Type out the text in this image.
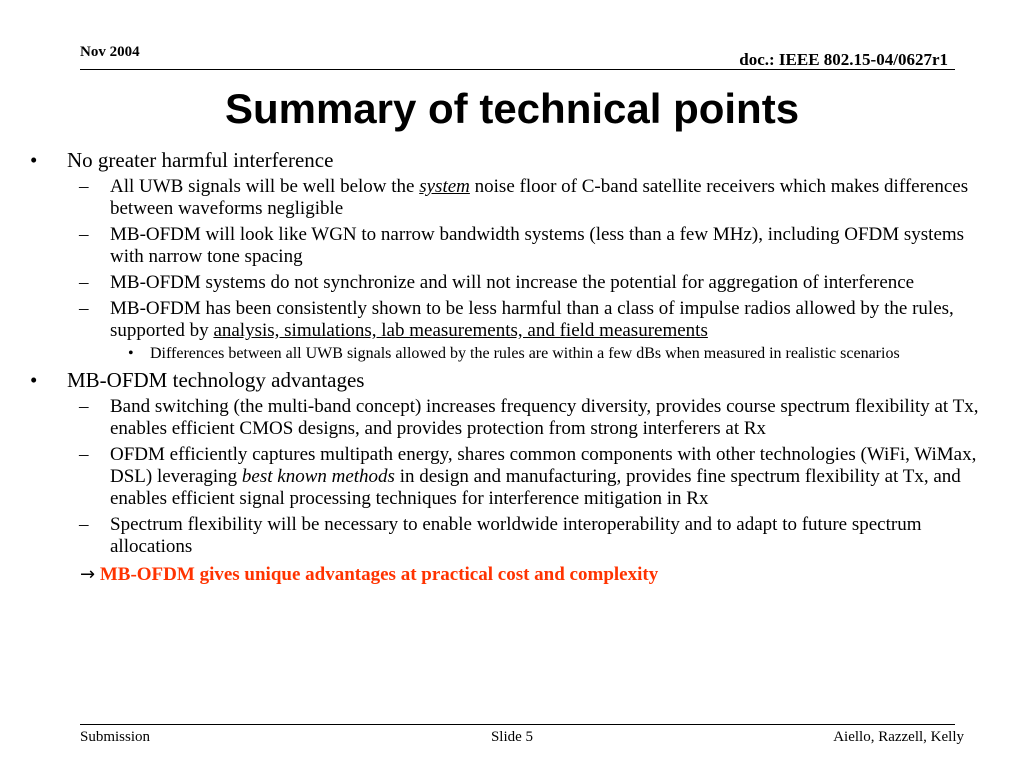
Nov 2004	doc.: IEEE 802.15-04/0627r1
Summary of technical points
• No greater harmful interference
– All UWB signals will be well below the system noise floor of C-band satellite receivers which makes differences between waveforms negligible
– MB-OFDM will look like WGN to narrow bandwidth systems (less than a few MHz), including OFDM systems with narrow tone spacing
– MB-OFDM systems do not synchronize and will not increase the potential for aggregation of interference
– MB-OFDM has been consistently shown to be less harmful than a class of impulse radios allowed by the rules, supported by analysis, simulations, lab measurements, and field measurements
• Differences between all UWB signals allowed by the rules are within a few dBs when measured in realistic scenarios
• MB-OFDM technology advantages
– Band switching (the multi-band concept) increases frequency diversity, provides course spectrum flexibility at Tx, enables efficient CMOS designs, and provides protection from strong interferers at Rx
– OFDM efficiently captures multipath energy, shares common components with other technologies (WiFi, WiMax, DSL) leveraging best known methods in design and manufacturing, provides fine spectrum flexibility at Tx, and enables efficient signal processing techniques for interference mitigation in Rx
– Spectrum flexibility will be necessary to enable worldwide interoperability and to adapt to future spectrum allocations
→ MB-OFDM gives unique advantages at practical cost and complexity
Submission	Slide 5	Aiello, Razzell, Kelly
